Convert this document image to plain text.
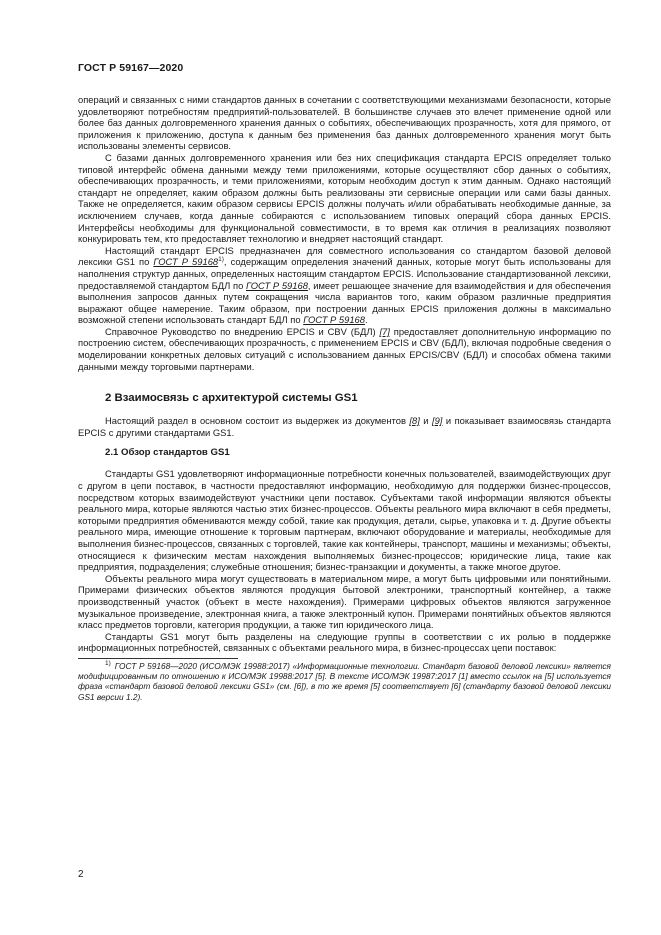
ГОСТ Р 59167—2020

операций и связанных с ними стандартов данных в сочетании с соответствующими механизмами безопасности, которые удовлетворяют потребностям предприятий-пользователей. В большинстве случаев это влечет применение одной или более баз данных долговременного хранения данных о событиях, обеспечивающих прозрачность, хотя для прямого, от приложения к приложению, доступа к данным без применения баз данных долговременного хранения могут быть использованы элементы сервисов.

С базами данных долговременного хранения или без них спецификация стандарта EPCIS определяет только типовой интерфейс обмена данными между теми приложениями, которые осуществляют сбор данных о событиях, обеспечивающих прозрачность, и теми приложениями, которым необходим доступ к этим данным. Однако настоящий стандарт не определяет, каким образом должны быть реализованы эти сервисные операции или сами базы данных. Также не определяется, каким образом сервисы EPCIS должны получать и/или обрабатывать необходимые данные, за исключением случаев, когда данные собираются с использованием типовых операций сбора данных EPCIS. Интерфейсы необходимы для функциональной совместимости, в то время как отличия в реализациях позволяют конкурировать тем, кто предоставляет технологию и внедряет настоящий стандарт.

Настоящий стандарт EPCIS предназначен для совместного использования со стандартом базовой деловой лексики GS1 по ГОСТ Р 59168$^{1)}$, содержащим определения значений данных, которые могут быть использованы для наполнения структур данных, определенных настоящим стандартом EPCIS. Использование стандартизованной лексики, предоставляемой стандартом БДЛ по ГОСТ Р 59168, имеет решающее значение для взаимодействия и для обеспечения выполнения запросов данных путем сокращения числа вариантов того, каким образом различные предприятия выражают общее намерение. Таким образом, при построении данных EPCIS приложения должны в максимально возможной степени использовать стандарт БДЛ по ГОСТ Р 59168.

Справочное Руководство по внедрению EPCIS и CBV (БДЛ) [7] предоставляет дополнительную информацию по построению систем, обеспечивающих прозрачность, с применением EPCIS и CBV (БДЛ), включая подробные сведения о моделировании конкретных деловых ситуаций с использованием данных EPCIS/CBV (БДЛ) и способах обмена такими данными между торговыми партнерами.

2 Взаимосвязь с архитектурой системы GS1

Настоящий раздел в основном состоит из выдержек из документов [8] и [9] и показывает взаимосвязь стандарта EPCIS с другими стандартами GS1.

2.1 Обзор стандартов GS1

Стандарты GS1 удовлетворяют информационные потребности конечных пользователей, взаимодействующих друг с другом в цепи поставок, в частности предоставляют информацию, необходимую для поддержки бизнес-процессов, посредством которых взаимодействуют участники цепи поставок. Субъектами такой информации являются объекты реального мира, которые являются частью этих бизнес-процессов. Объекты реального мира включают в себя предметы, которыми предприятия обмениваются между собой, такие как продукция, детали, сырье, упаковка и т. д. Другие объекты реального мира, имеющие отношение к торговым партнерам, включают оборудование и материалы, необходимые для выполнения бизнес-процессов, связанных с торговлей, такие как контейнеры, транспорт, машины и механизмы; объекты, относящиеся к физическим местам нахождения выполняемых бизнес-процессов; юридические лица, такие как предприятия, подразделения; служебные отношения; бизнес-транзакции и документы, а также многое другое.

Объекты реального мира могут существовать в материальном мире, а могут быть цифровыми или понятийными. Примерами физических объектов являются продукция бытовой электроники, транспортный контейнер, а также производственный участок (объект в месте нахождения). Примерами цифровых объектов являются загруженное музыкальное произведение, электронная книга, а также электронный купон. Примерами понятийных объектов являются класс предметов торговли, категория продукции, а также тип юридического лица.

Стандарты GS1 могут быть разделены на следующие группы в соответствии с их ролью в поддержке информационных потребностей, связанных с объектами реального мира, в бизнес-процессах цепи поставок:

$^{1)}$ ГОСТ Р 59168—2020 (ИСО/МЭК 19988:2017) «Информационные технологии. Стандарт базовой деловой лексики» является модифицированным по отношению к ИСО/МЭК 19988:2017 [5]. В тексте ИСО/МЭК 19987:2017 [1] вместо ссылок на [5] используется фраза «стандарт базовой деловой лексики GS1» (см. [6]), в то же время [5] соответствует [6] (стандарту базовой деловой лексики GS1 версии 1.2).

2
